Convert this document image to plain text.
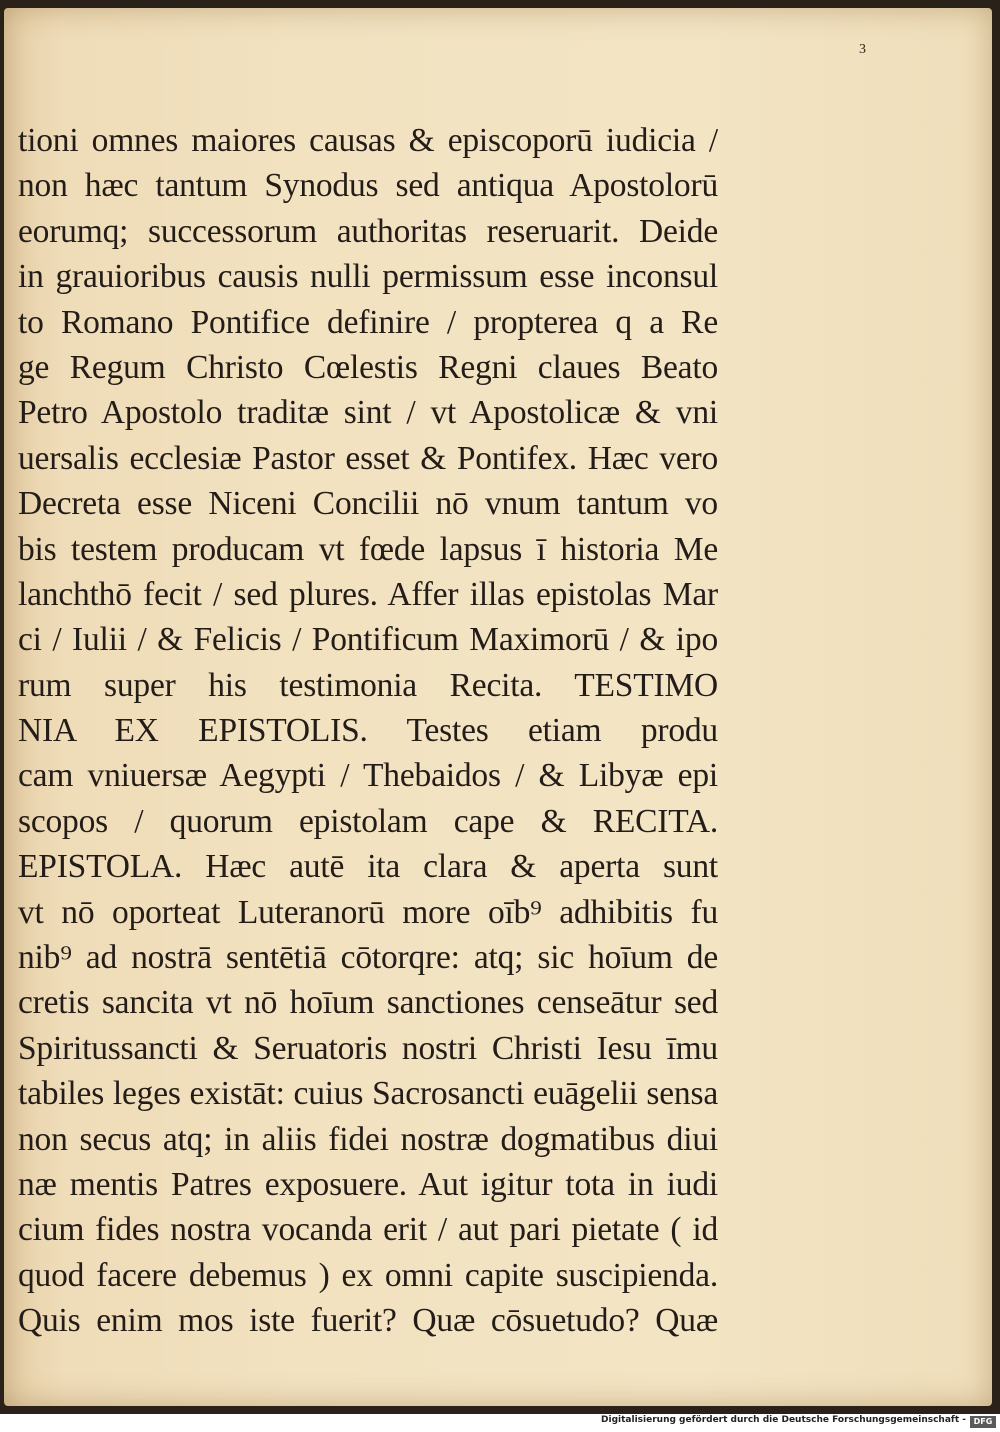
3
tioni omnes maiores causas & episcoporū iudicia /
non hæc tantum Synodus sed antiqua Apostolorū
eorumq; successorum authoritas reseruarit. Deide
in grauioribus causis nulli permissum esse inconsul
to Romano Pontifice definire / propterea q a Re
ge Regum Christo Cœlestis Regni claues Beato
Petro Apostolo traditæ sint / vt Apostolicæ & vni
uersalis ecclesiæ Pastor esset & Pontifex. Hæc vero
Decreta esse Niceni Concilii nō vnum tantum vo
bis testem producam vt fœde lapsus ī historia Me
lanchthō fecit / sed plures. Affer illas epistolas Mar
ci / Iulii / & Felicis / Pontificum Maximorū / & ipo
rum super his testimonia Recita. TESTIMO
NIA EX EPISTOLIS. Testes etiam produ
cam vniuersæ Aegypti / Thebaidos / & Libyæ epi
scopos / quorum epistolam cape & RECITA.
EPISTOLA. Hæc autē ita clara & aperta sunt
vt nō oporteat Luteranorū more oīb⁹ adhibitis fu
nib⁹ ad nostrā sentētiā cōtorqre: atq; sic hoīum de
cretis sancita vt nō hoīum sanctiones censeātur sed
Spiritussancti & Seruatoris nostri Christi Iesu īmu
tabiles leges existāt: cuius Sacrosancti euāgelii sensa
non secus atq; in aliis fidei nostræ dogmatibus diui
næ mentis Patres exposuere. Aut igitur tota in iudi
cium fides nostra vocanda erit / aut pari pietate ( id
quod facere debemus ) ex omni capite suscipienda.
Quis enim mos iste fuerit? Quæ cōsuetudo? Quæ
Digitalisierung gefördert durch die Deutsche Forschungsgemeinschaft - DFG
